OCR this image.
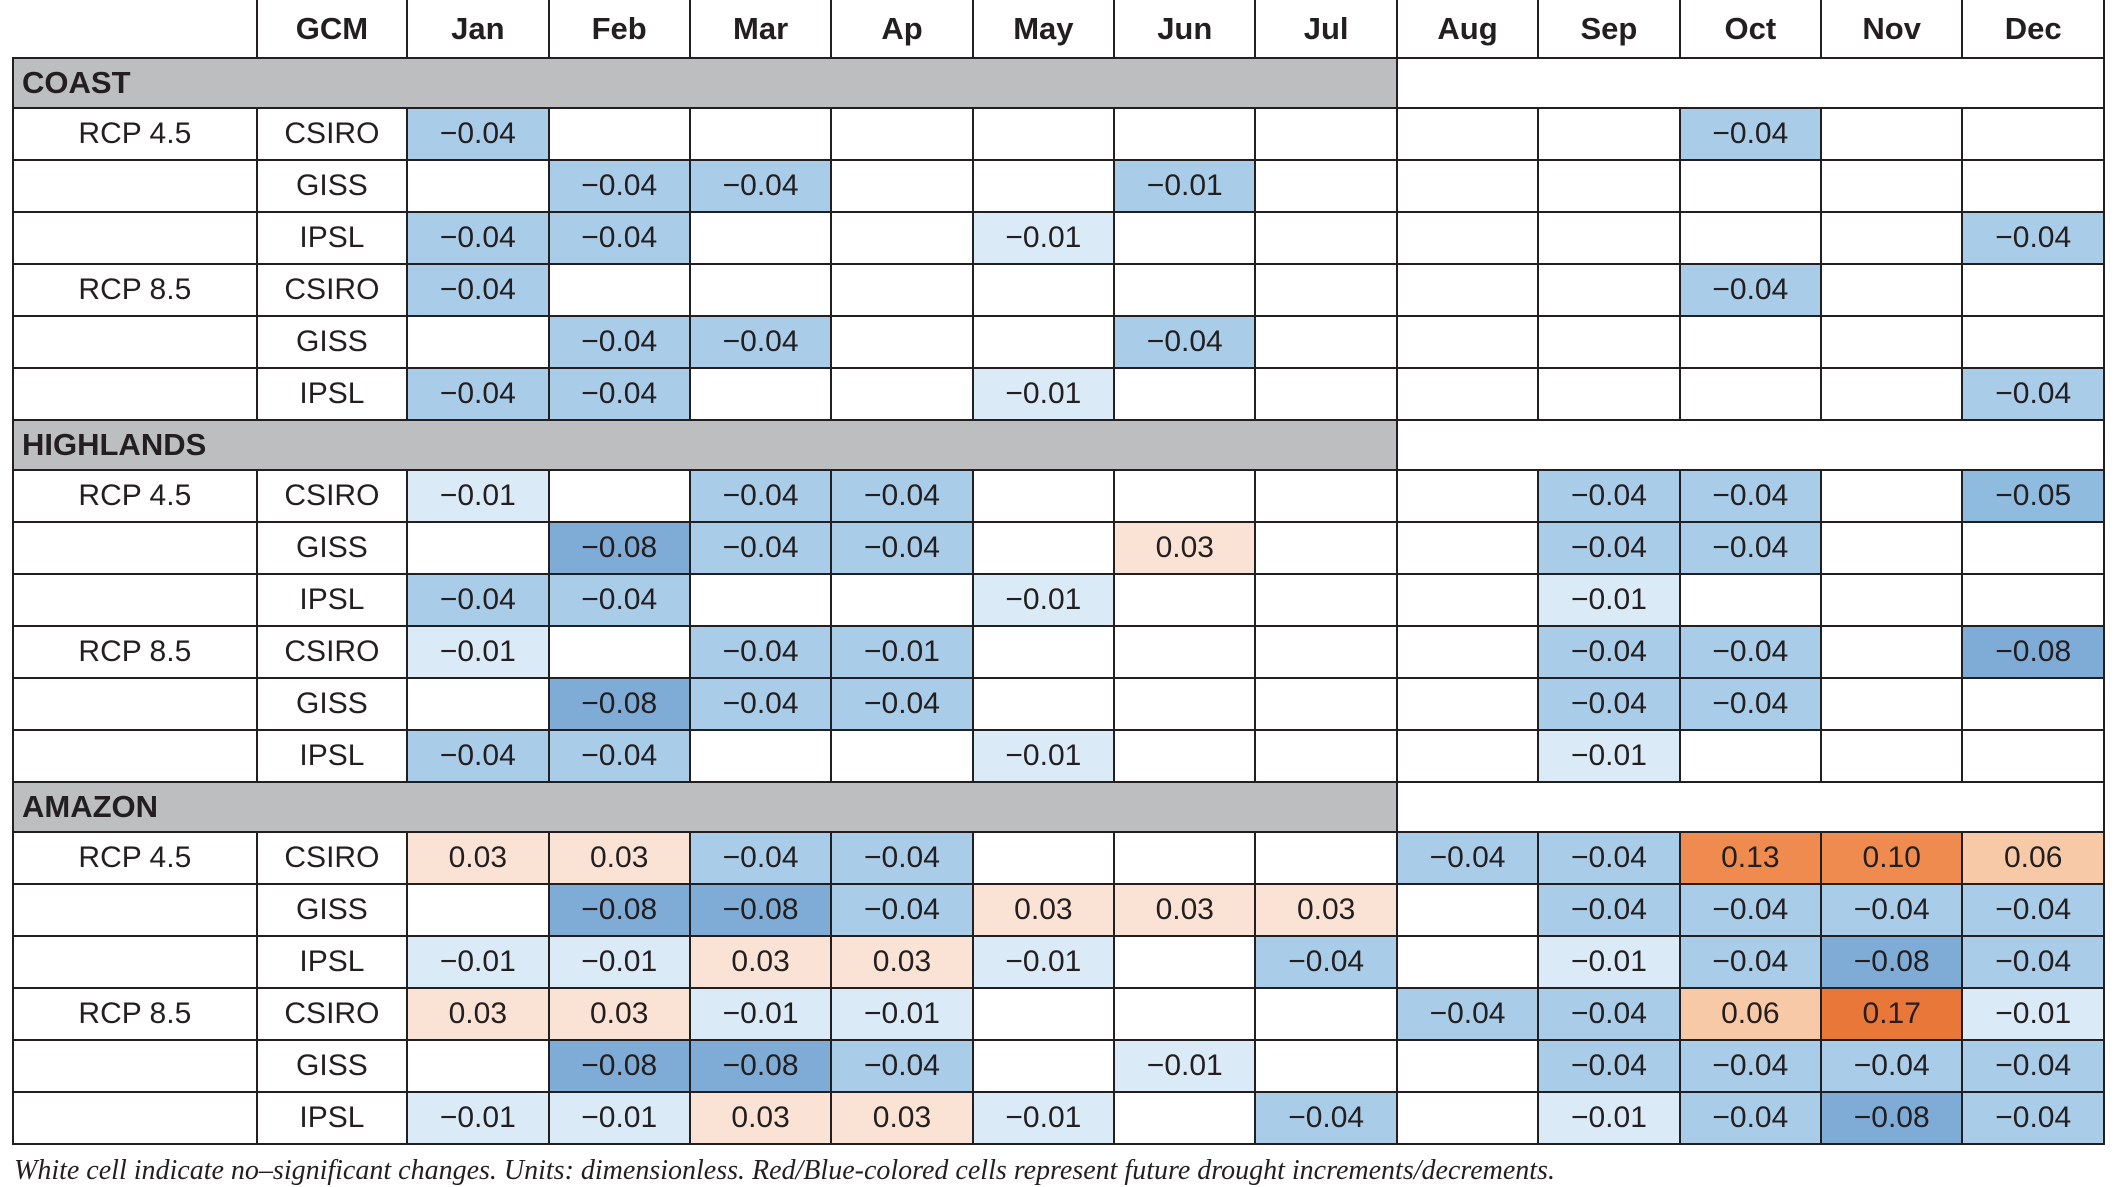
	GCM	Jan	Feb	Mar	Ap	May	Jun	Jul	Aug	Sep	Oct	Nov	Dec
COAST													
RCP 4.5	CSIRO	−0.04									−0.04		
	GISS		−0.04	−0.04			−0.01						
	IPSL	−0.04	−0.04			−0.01							−0.04
RCP 8.5	CSIRO	−0.04									−0.04		
	GISS		−0.04	−0.04			−0.04						
	IPSL	−0.04	−0.04			−0.01							−0.04
HIGHLANDS													
RCP 4.5	CSIRO	−0.01		−0.04	−0.04					−0.04	−0.04		−0.05
	GISS		−0.08	−0.04	−0.04		0.03			−0.04	−0.04		
	IPSL	−0.04	−0.04			−0.01				−0.01			
RCP 8.5	CSIRO	−0.01		−0.04	−0.01					−0.04	−0.04		−0.08
	GISS		−0.08	−0.04	−0.04					−0.04	−0.04		
	IPSL	−0.04	−0.04			−0.01				−0.01			
AMAZON													
RCP 4.5	CSIRO	0.03	0.03	−0.04	−0.04				−0.04	−0.04	0.13	0.10	0.06
	GISS		−0.08	−0.08	−0.04	0.03	0.03	0.03		−0.04	−0.04	−0.04	−0.04
	IPSL	−0.01	−0.01	0.03	0.03	−0.01		−0.04		−0.01	−0.04	−0.08	−0.04
RCP 8.5	CSIRO	0.03	0.03	−0.01	−0.01				−0.04	−0.04	0.06	0.17	−0.01
	GISS		−0.08	−0.08	−0.04		−0.01			−0.04	−0.04	−0.04	−0.04
	IPSL	−0.01	−0.01	0.03	0.03	−0.01		−0.04		−0.01	−0.04	−0.08	−0.04
White cell indicate no–significant changes. Units: dimensionless. Red/Blue-colored cells represent future drought increments/decrements.
